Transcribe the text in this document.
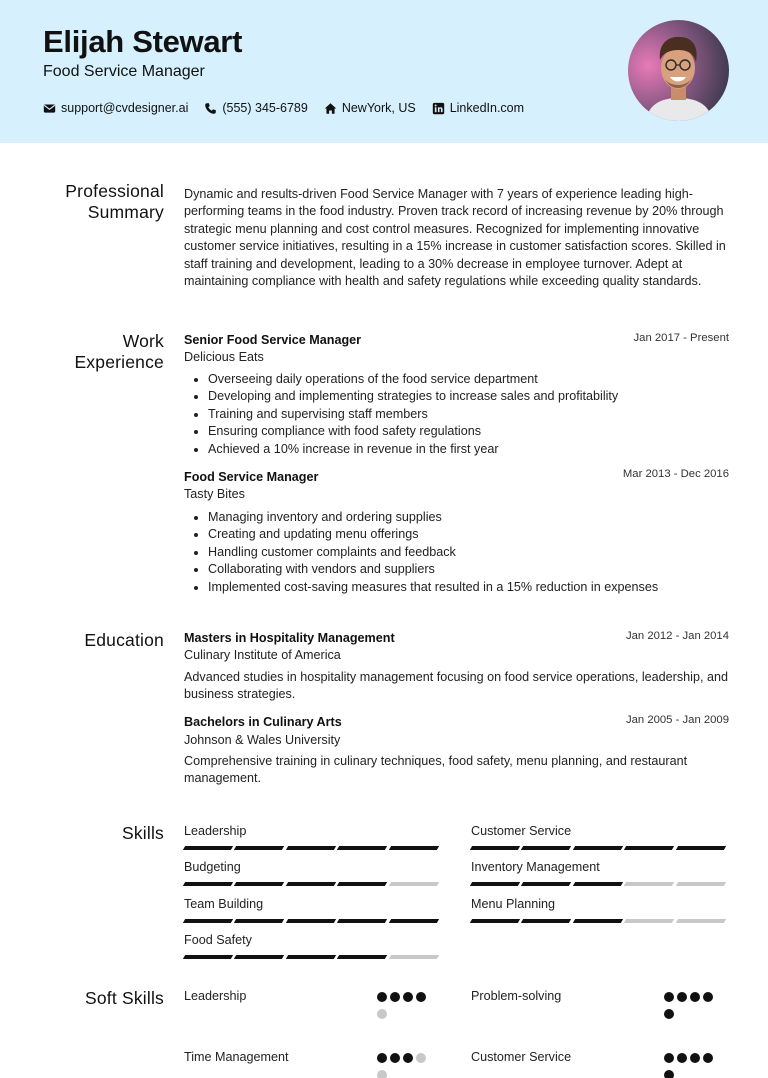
Elijah Stewart
Food Service Manager
support@cvdesigner.ai	(555) 345-6789	NewYork, US	LinkedIn.com
Professional
Summary
Dynamic and results-driven Food Service Manager with 7 years of experience leading high-performing teams in the food industry. Proven track record of increasing revenue by 20% through strategic menu planning and cost control measures. Recognized for implementing innovative customer service initiatives, resulting in a 15% increase in customer satisfaction scores. Skilled in staff training and development, leading to a 30% decrease in employee turnover. Adept at maintaining compliance with health and safety regulations while exceeding quality standards.
Work
Experience
Senior Food Service Manager	Jan 2017 - Present
Delicious Eats
Overseeing daily operations of the food service department
Developing and implementing strategies to increase sales and profitability
Training and supervising staff members
Ensuring compliance with food safety regulations
Achieved a 10% increase in revenue in the first year
Food Service Manager	Mar 2013 - Dec 2016
Tasty Bites
Managing inventory and ordering supplies
Creating and updating menu offerings
Handling customer complaints and feedback
Collaborating with vendors and suppliers
Implemented cost-saving measures that resulted in a 15% reduction in expenses
Education Masters in Hospitality Management	Jan 2012 - Jan 2014
Culinary Institute of America
Advanced studies in hospitality management focusing on food service operations, leadership, and business strategies.
Bachelors in Culinary Arts	Jan 2005 - Jan 2009
Johnson & Wales University
Comprehensive training in culinary techniques, food safety, menu planning, and restaurant management.
Skills Leadership	Customer Service
Budgeting	Inventory Management
Team Building	Menu Planning
Food Safety
Soft Skills Leadership	Problem-solving
Time Management	Customer Service
